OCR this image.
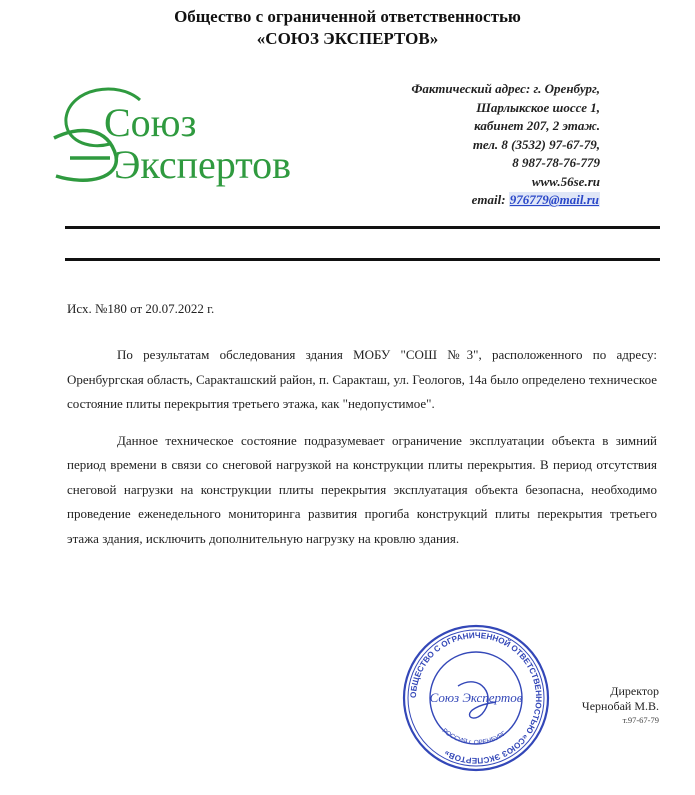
Общество с ограниченной ответственностью
«СОЮЗ ЭКСПЕРТОВ»
Союз
Экспертов
Фактический адрес: г. Оренбург,
Шарлыкское шоссе 1,
кабинет 207, 2 этаж.
тел. 8 (3532) 97-67-79,
8 987-78-76-779
www.56se.ru
email: 976779@mail.ru
Исх. №180 от 20.07.2022 г.

По результатам обследования здания МОБУ "СОШ №3", расположенного по адресу: Оренбургская область, Саракташский район, п. Саракташ, ул. Геологов, 14а было определено техническое состояние плиты перекрытия третьего этажа, как "недопустимое".

Данное техническое состояние подразумевает ограничение эксплуатации объекта в зимний период времени в связи со снеговой нагрузкой на конструкции плиты перекрытия. В период отсутствия снеговой нагрузки на конструкции плиты перекрытия эксплуатация объекта безопасна, необходимо проведение еженедельного мониторинга развития прогиба конструкций плиты перекрытия третьего этажа здания, исключить дополнительную нагрузку на кровлю здания.

ОБЩЕСТВО С ОГРАНИЧЕННОЙ ОТВЕТСТВЕННОСТЬЮ «СОЮЗ ЭКСПЕРТОВ»
РОССИЯ г. ОРЕНБУРГ
Союз Экспертов	Директор
Чернобай М.В.
т.97-67-79
